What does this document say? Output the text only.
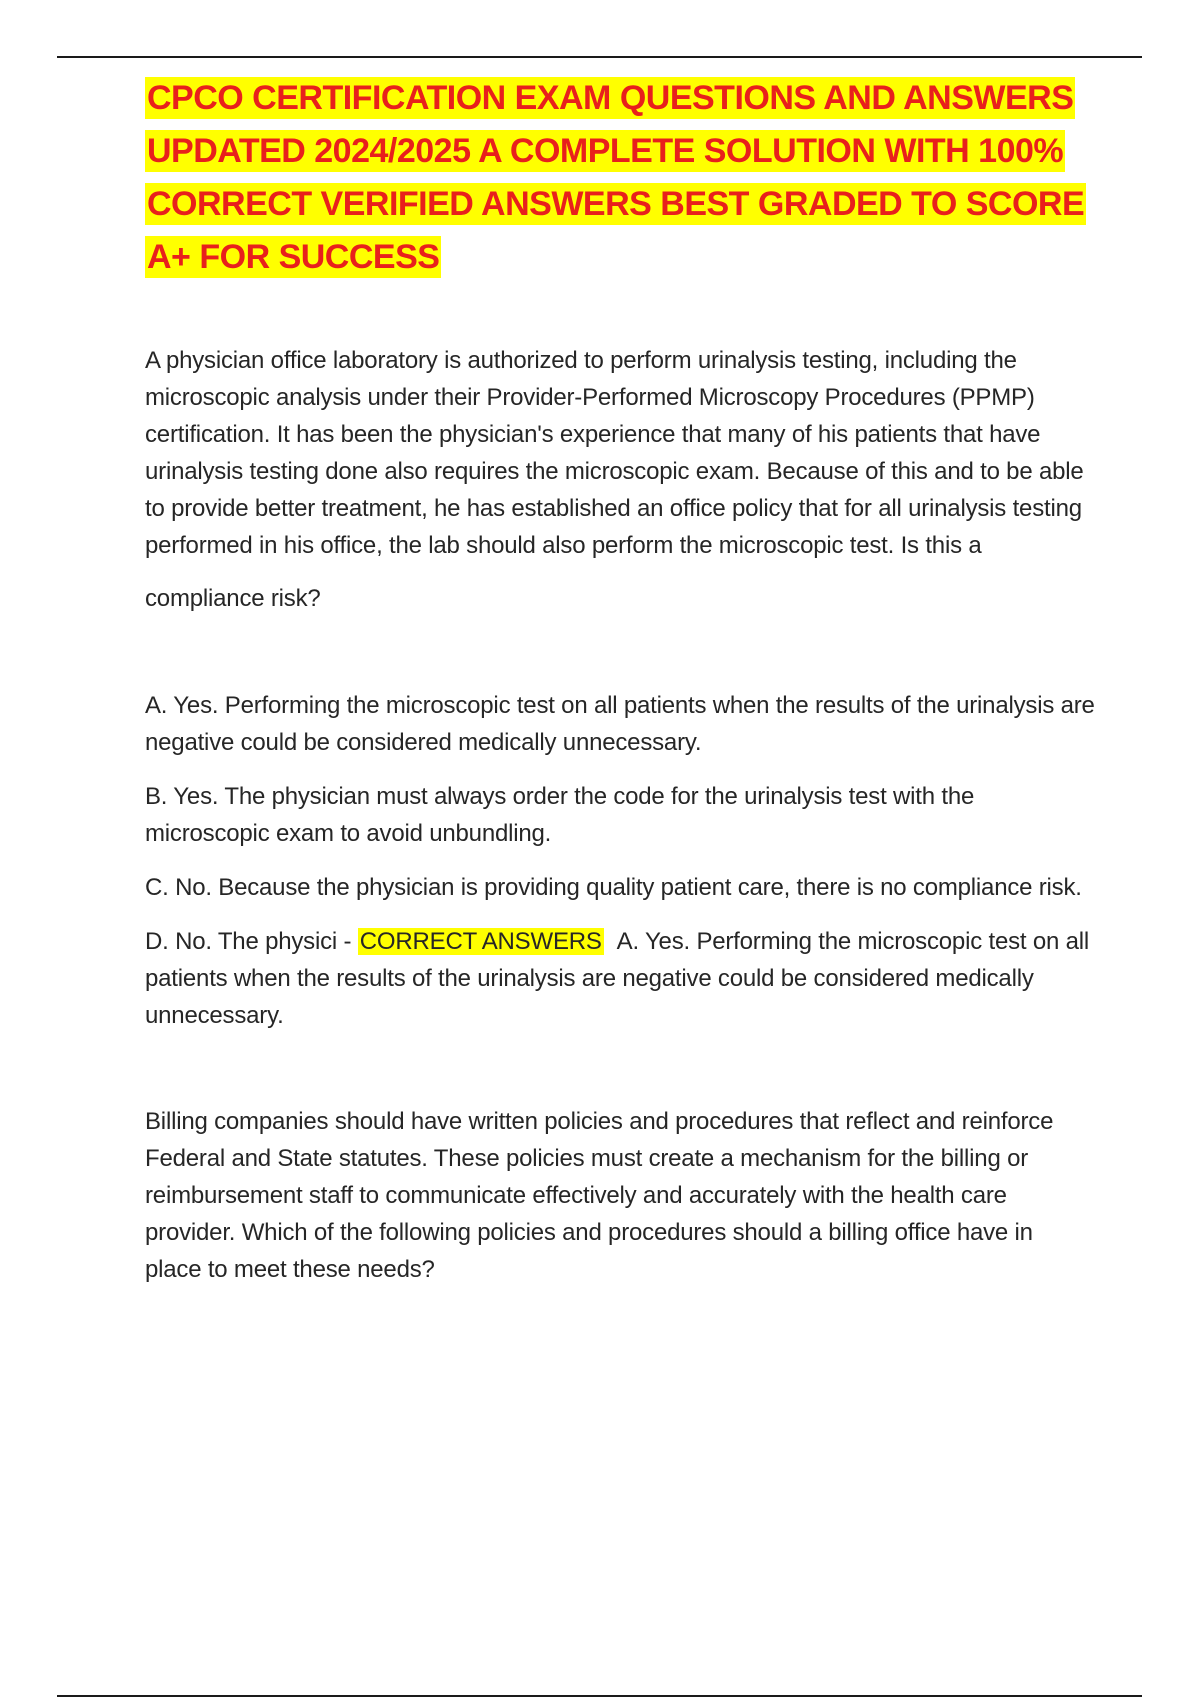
CPCO CERTIFICATION EXAM QUESTIONS AND ANSWERS UPDATED 2024/2025 A COMPLETE SOLUTION WITH 100% CORRECT VERIFIED ANSWERS BEST GRADED TO SCORE A+ FOR SUCCESS

A physician office laboratory is authorized to perform urinalysis testing, including the microscopic analysis under their Provider-Performed Microscopy Procedures (PPMP) certification. It has been the physician's experience that many of his patients that have urinalysis testing done also requires the microscopic exam. Because of this and to be able to provide better treatment, he has established an office policy that for all urinalysis testing performed in his office, the lab should also perform the microscopic test. Is this a

compliance risk?

A. Yes. Performing the microscopic test on all patients when the results of the urinalysis are negative could be considered medically unnecessary.

B. Yes. The physician must always order the code for the urinalysis test with the microscopic exam to avoid unbundling.

C. No. Because the physician is providing quality patient care, there is no compliance risk.

D. No. The physici - CORRECT ANSWERS A. Yes. Performing the microscopic test on all patients when the results of the urinalysis are negative could be considered medically unnecessary.

Billing companies should have written policies and procedures that reflect and reinforce Federal and State statutes. These policies must create a mechanism for the billing or reimbursement staff to communicate effectively and accurately with the health care provider. Which of the following policies and procedures should a billing office have in place to meet these needs?
